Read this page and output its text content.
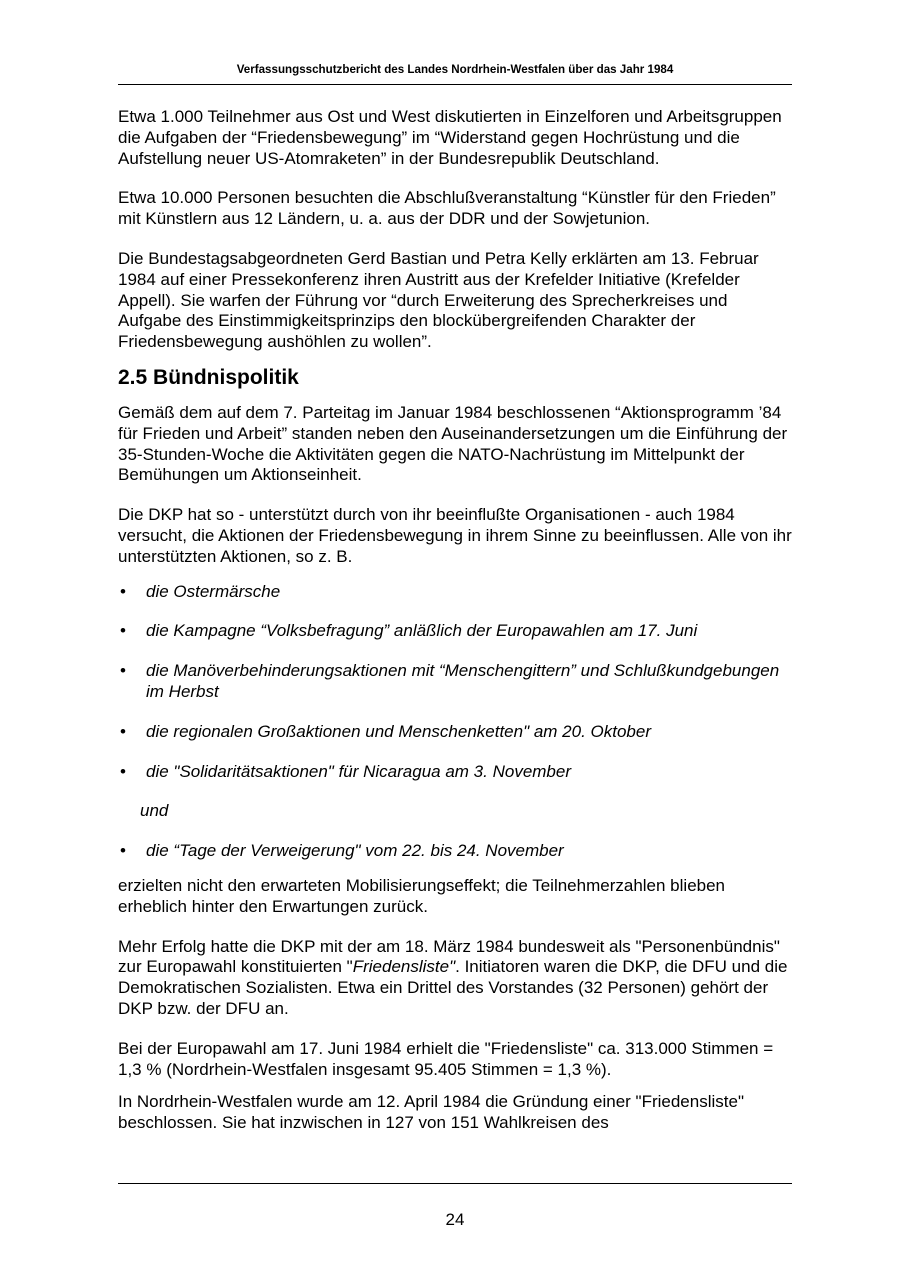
Verfassungsschutzbericht des Landes Nordrhein-Westfalen über das Jahr 1984

Etwa 1.000 Teilnehmer aus Ost und West diskutierten in Einzelforen und Arbeitsgruppen die Aufgaben der “Friedensbewegung” im “Widerstand gegen Hochrüstung und die Aufstellung neuer US-Atomraketen” in der Bundesrepublik Deutschland.

Etwa 10.000 Personen besuchten die Abschlußveranstaltung “Künstler für den Frieden” mit Künstlern aus 12 Ländern, u. a. aus der DDR und der Sowjetunion.

Die Bundestagsabgeordneten Gerd Bastian und Petra Kelly erklärten am 13. Februar 1984 auf einer Pressekonferenz ihren Austritt aus der Krefelder Initiative (Krefelder Appell). Sie warfen der Führung vor “durch Erweiterung des Sprecherkreises und Aufgabe des Einstimmigkeitsprinzips den blockübergreifenden Charakter der Friedensbewegung aushöhlen zu wollen”.

2.5 Bündnispolitik

Gemäß dem auf dem 7. Parteitag im Januar 1984 beschlossenen “Aktionsprogramm ’84 für Frieden und Arbeit” standen neben den Auseinandersetzungen um die Einführung der 35-Stunden-Woche die Aktivitäten gegen die NATO-Nachrüstung im Mittelpunkt der Bemühungen um Aktionseinheit.

Die DKP hat so - unterstützt durch von ihr beeinflußte Organisationen - auch 1984 versucht, die Aktionen der Friedensbewegung in ihrem Sinne zu beeinflussen. Alle von ihr unterstützten Aktionen, so z. B.

• die Ostermärsche
• die Kampagne “Volksbefragung” anläßlich der Europawahlen am 17. Juni
• die Manöverbehinderungsaktionen mit “Menschengittern” und Schlußkundgebungen im Herbst
• die regionalen Großaktionen und Menschenketten" am 20. Oktober
• die "Solidaritätsaktionen" für Nicaragua am 3. November
und
• die “Tage der Verweigerung" vom 22. bis 24. November

erzielten nicht den erwarteten Mobilisierungseffekt; die Teilnehmerzahlen blieben erheblich hinter den Erwartungen zurück.

Mehr Erfolg hatte die DKP mit der am 18. März 1984 bundesweit als "Personenbündnis" zur Europawahl konstituierten "Friedensliste". Initiatoren waren die DKP, die DFU und die Demokratischen Sozialisten. Etwa ein Drittel des Vorstandes (32 Personen) gehört der DKP bzw. der DFU an.

Bei der Europawahl am 17. Juni 1984 erhielt die "Friedensliste" ca. 313.000 Stimmen = 1,3 % (Nordrhein-Westfalen insgesamt 95.405 Stimmen = 1,3 %).

In Nordrhein-Westfalen wurde am 12. April 1984 die Gründung einer "Friedensliste" beschlossen. Sie hat inzwischen in 127 von 151 Wahlkreisen des

24
